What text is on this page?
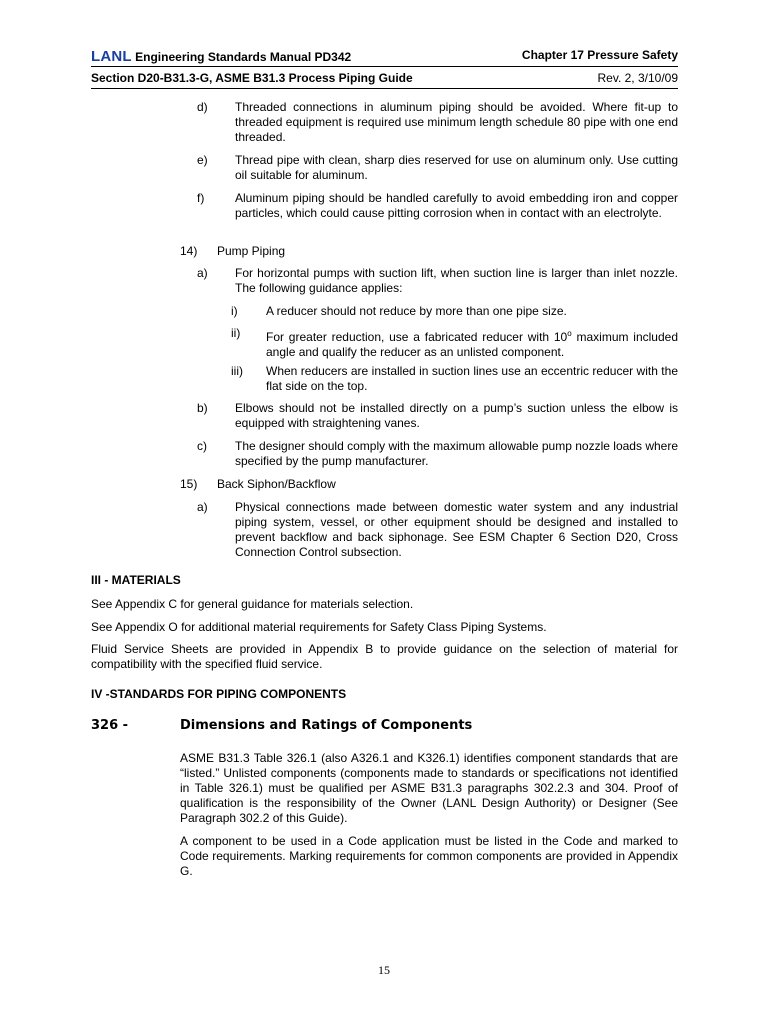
LANL Engineering Standards Manual PD342	Chapter 17 Pressure Safety
Section D20-B31.3-G, ASME B31.3 Process Piping Guide	Rev. 2, 3/10/09
d) Threaded connections in aluminum piping should be avoided. Where fit-up to threaded equipment is required use minimum length schedule 80 pipe with one end threaded.
e) Thread pipe with clean, sharp dies reserved for use on aluminum only. Use cutting oil suitable for aluminum.
f)	Aluminum piping should be handled carefully to avoid embedding iron and copper particles, which could cause pitting corrosion when in contact with an electrolyte.
14) Pump Piping
a) For horizontal pumps with suction lift, when suction line is larger than inlet nozzle. The following guidance applies:
i) A reducer should not reduce by more than one pipe size.
ii) For greater reduction, use a fabricated reducer with 10$^o$ maximum included angle and qualify the reducer as an unlisted component.
iii) When reducers are installed in suction lines use an eccentric reducer with the flat side on the top.
b) Elbows should not be installed directly on a pump’s suction unless the elbow is equipped with straightening vanes.
c) The designer should comply with the maximum allowable pump nozzle loads where specified by the pump manufacturer.
15) Back Siphon/Backflow
a) Physical connections made between domestic water system and any industrial piping system, vessel, or other equipment should be designed and installed to prevent backflow and back siphonage. See ESM Chapter 6 Section D20, Cross Connection Control subsection.
III - MATERIALS
See Appendix C for general guidance for materials selection.
See Appendix O for additional material requirements for Safety Class Piping Systems.
Fluid Service Sheets are provided in Appendix B to provide guidance on the selection of material for compatibility with the specified fluid service.
IV -STANDARDS FOR PIPING COMPONENTS
326 -	Dimensions and Ratings of Components
ASME B31.3 Table 326.1 (also A326.1 and K326.1) identifies component standards that are “listed.” Unlisted components (components made to standards or specifications not identified in Table 326.1) must be qualified per ASME B31.3 paragraphs 302.2.3 and 304. Proof of qualification is the responsibility of the Owner (LANL Design Authority) or Designer (See Paragraph 302.2 of this Guide).
A component to be used in a Code application must be listed in the Code and marked to Code requirements. Marking requirements for common components are provided in Appendix G.
15
